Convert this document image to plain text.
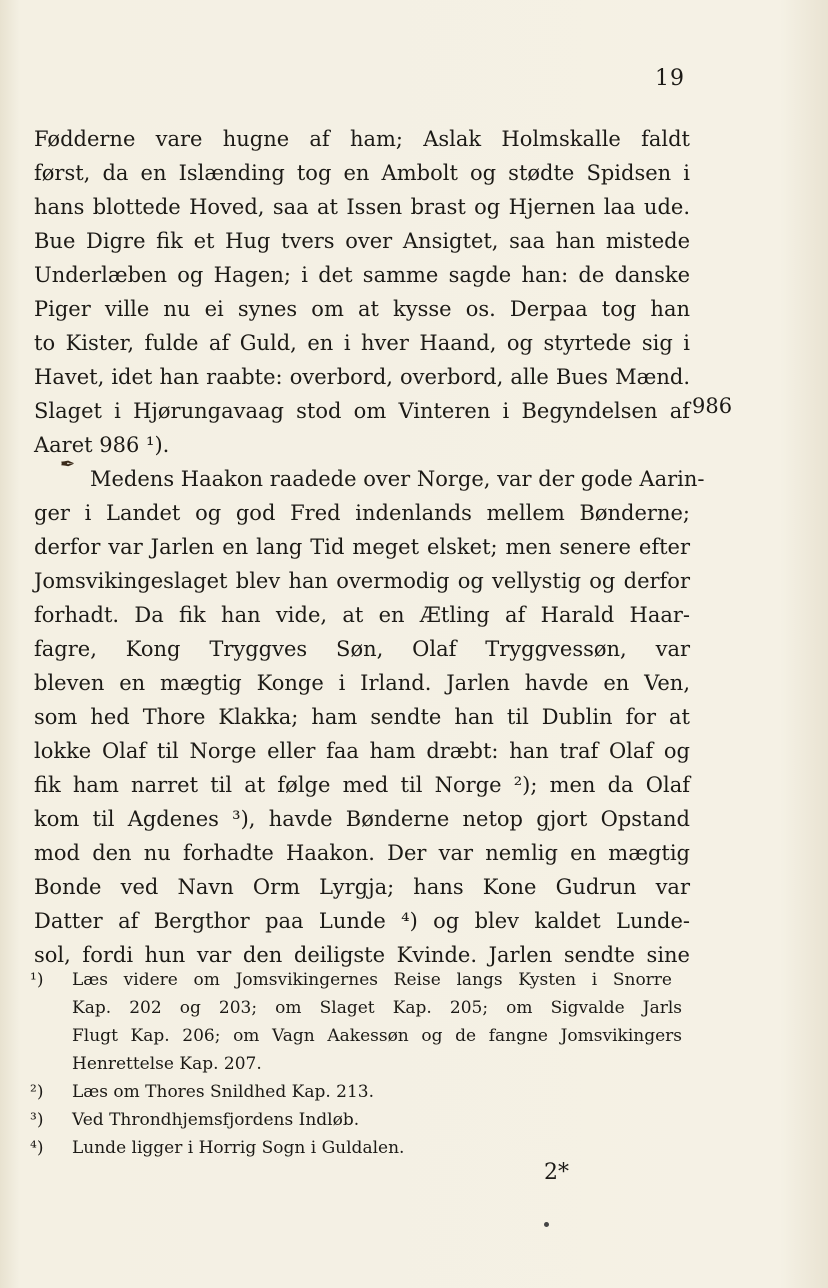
19
Fødderne vare hugne af ham; Aslak Holmskalle faldt
først, da en Islænding tog en Ambolt og stødte Spidsen i
hans blottede Hoved, saa at Issen brast og Hjernen laa ude.
Bue Digre fik et Hug tvers over Ansigtet, saa han mistede
Underlæben og Hagen; i det samme sagde han: de danske
Piger ville nu ei synes om at kysse os. Derpaa tog han
to Kister, fulde af Guld, en i hver Haand, og styrtede sig i
Havet, idet han raabte: overbord, overbord, alle Bues Mænd.
Slaget i Hjørungavaag stod om Vinteren i Begyndelsen af
Aaret 986 ¹).
Medens Haakon raadede over Norge, var der gode Aarin-
ger i Landet og god Fred indenlands mellem Bønderne;
derfor var Jarlen en lang Tid meget elsket; men senere efter
Jomsvikingeslaget blev han overmodig og vellystig og derfor
forhadt. Da fik han vide, at en Ætling af Harald Haar-
fagre, Kong Tryggves Søn, Olaf Tryggvessøn, var
bleven en mægtig Konge i Irland. Jarlen havde en Ven,
som hed Thore Klakka; ham sendte han til Dublin for at
lokke Olaf til Norge eller faa ham dræbt: han traf Olaf og
fik ham narret til at følge med til Norge ²); men da Olaf
kom til Agdenes ³), havde Bønderne netop gjort Opstand
mod den nu forhadte Haakon. Der var nemlig en mægtig
Bonde ved Navn Orm Lyrgja; hans Kone Gudrun var
Datter af Bergthor paa Lunde ⁴) og blev kaldet Lunde-
sol, fordi hun var den deiligste Kvinde. Jarlen sendte sine
✒
986
¹) Læs videre om Jomsvikingernes Reise langs Kysten i Snorre
Kap. 202 og 203; om Slaget Kap. 205; om Sigvalde Jarls
Flugt Kap. 206; om Vagn Aakessøn og de fangne Jomsvikingers
Henrettelse Kap. 207.
²) Læs om Thores Snildhed Kap. 213.
³) Ved Throndhjemsfjordens Indløb.
⁴) Lunde ligger i Horrig Sogn i Guldalen.
2*
